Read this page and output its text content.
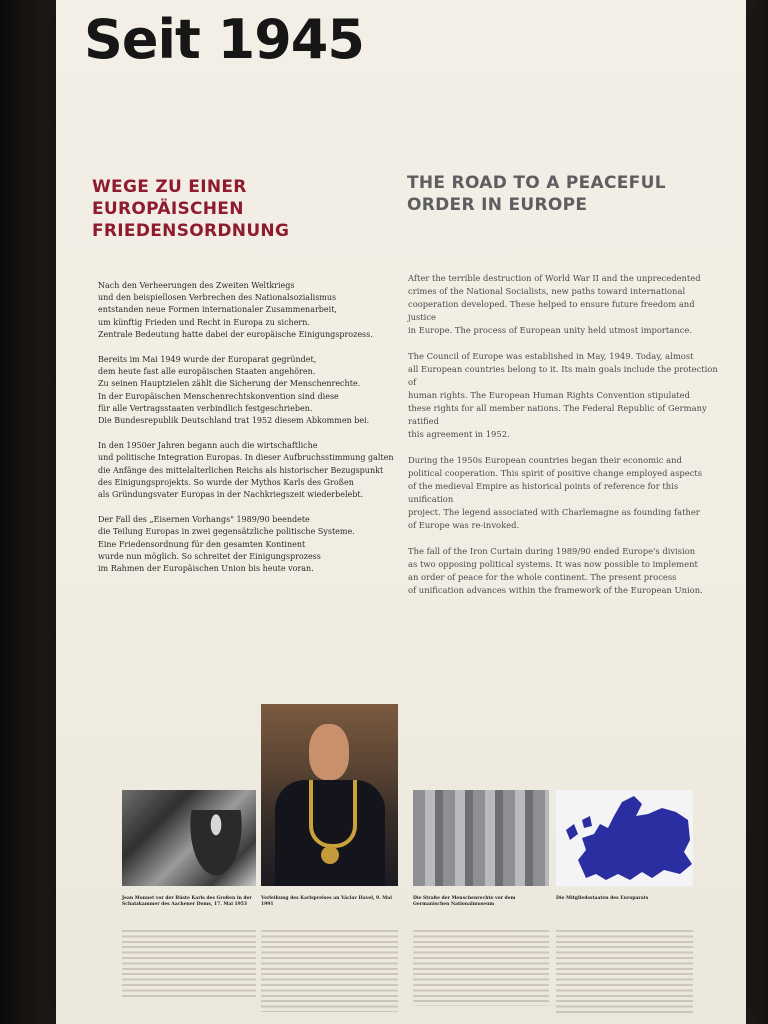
Seit 1945
WEGE ZU EINER EUROPÄISCHEN FRIEDENSORDNUNG
THE ROAD TO A PEACEFUL ORDER IN EUROPE

Nach den Verheerungen des Zweiten Weltkriegs
und den beispiellosen Verbrechen des Nationalsozialismus
entstanden neue Formen internationaler Zusammenarbeit,
um künftig Frieden und Recht in Europa zu sichern.
Zentrale Bedeutung hatte dabei der europäische Einigungsprozess.

Bereits im Mai 1949 wurde der Europarat gegründet,
dem heute fast alle europäischen Staaten angehören.
Zu seinen Hauptzielen zählt die Sicherung der Menschenrechte.
In der Europäischen Menschenrechtskonvention sind diese
für alle Vertragsstaaten verbindlich festgeschrieben.
Die Bundesrepublik Deutschland trat 1952 diesem Abkommen bei.

In den 1950er Jahren begann auch die wirtschaftliche
und politische Integration Europas. In dieser Aufbruchsstimmung galten
die Anfänge des mittelalterlichen Reichs als historischer Bezugspunkt
des Einigungsprojekts. So wurde der Mythos Karls des Großen
als Gründungsvater Europas in der Nachkriegszeit wiederbelebt.

Der Fall des „Eisernen Vorhangs" 1989/90 beendete
die Teilung Europas in zwei gegensätzliche politische Systeme.
Eine Friedensordnung für den gesamten Kontinent
wurde nun möglich. So schreitet der Einigungsprozess
im Rahmen der Europäischen Union bis heute voran.

After the terrible destruction of World War II and the unprecedented
crimes of the National Socialists, new paths toward international
cooperation developed. These helped to ensure future freedom and justice
in Europe. The process of European unity held utmost importance.

The Council of Europe was established in May, 1949. Today, almost
all European countries belong to it. Its main goals include the protection of
human rights. The European Human Rights Convention stipulated
these rights for all member nations. The Federal Republic of Germany ratified
this agreement in 1952.

During the 1950s European countries began their economic and
political cooperation. This spirit of positive change employed aspects
of the medieval Empire as historical points of reference for this unification
project. The legend associated with Charlemagne as founding father
of Europe was re-invoked.

The fall of the Iron Curtain during 1989/90 ended Europe's division
as two opposing political systems. It was now possible to implement
an order of peace for the whole continent. The present process
of unification advances within the framework of the European Union.

Jean Monnet vor der Büste Karls des Großen in der Schatzkammer des Aachener Doms, 17. Mai 1953
Verleihung des Karlspreises an Václav Havel, 9. Mai 1991
Die Straße der Menschenrechte vor dem Germanischen Nationalmuseum
Die Mitgliedsstaaten des Europarats
